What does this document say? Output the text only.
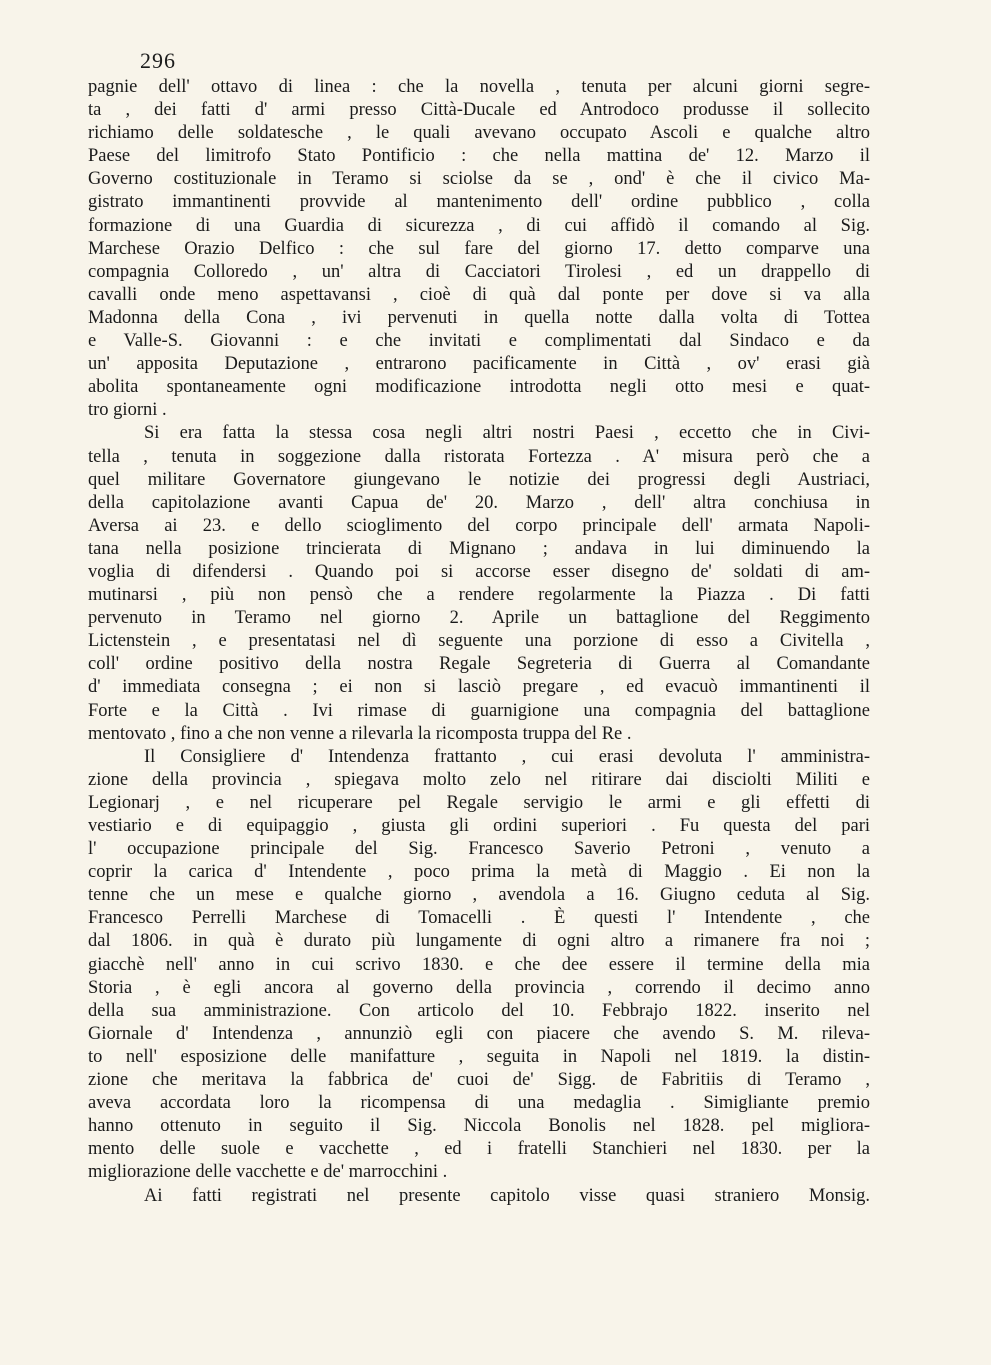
296
pagnie dell' ottavo di linea : che la novella , tenuta per alcuni giorni segre-
ta , dei fatti d' armi presso Città-Ducale ed Antrodoco produsse il sollecito
richiamo delle soldatesche , le quali avevano occupato Ascoli e qualche altro
Paese del limitrofo Stato Pontificio : che nella mattina de' 12. Marzo il
Governo costituzionale in Teramo si sciolse da se , ond' è che il civico Ma-
gistrato immantinenti provvide al mantenimento dell' ordine pubblico , colla
formazione di una Guardia di sicurezza , di cui affidò il comando al Sig.
Marchese Orazio Delfico : che sul fare del giorno 17. detto comparve una
compagnia Colloredo , un' altra di Cacciatori Tirolesi , ed un drappello di
cavalli onde meno aspettavansi , cioè di quà dal ponte per dove si va alla
Madonna della Cona , ivi pervenuti in quella notte dalla volta di Tottea
e Valle-S. Giovanni : e che invitati e complimentati dal Sindaco e da
un' apposita Deputazione , entrarono pacificamente in Città , ov' erasi già
abolita spontaneamente ogni modificazione introdotta negli otto mesi e quat-
tro giorni .
Si era fatta la stessa cosa negli altri nostri Paesi , eccetto che in Civi-
tella , tenuta in soggezione dalla ristorata Fortezza . A' misura però che a
quel militare Governatore giungevano le notizie dei progressi degli Austriaci,
della capitolazione avanti Capua de' 20. Marzo , dell' altra conchiusa in
Aversa ai 23. e dello scioglimento del corpo principale dell' armata Napoli-
tana nella posizione trincierata di Mignano ; andava in lui diminuendo la
voglia di difendersi . Quando poi si accorse esser disegno de' soldati di am-
mutinarsi , più non pensò che a rendere regolarmente la Piazza . Di fatti
pervenuto in Teramo nel giorno 2. Aprile un battaglione del Reggimento
Lictenstein , e presentatasi nel dì seguente una porzione di esso a Civitella ,
coll' ordine positivo della nostra Regale Segreteria di Guerra al Comandante
d' immediata consegna ; ei non si lasciò pregare , ed evacuò immantinenti il
Forte e la Città . Ivi rimase di guarnigione una compagnia del battaglione
mentovato , fino a che non venne a rilevarla la ricomposta truppa del Re .
Il Consigliere d' Intendenza frattanto , cui erasi devoluta l' amministra-
zione della provincia , spiegava molto zelo nel ritirare dai disciolti Militi e
Legionarj , e nel ricuperare pel Regale servigio le armi e gli effetti di
vestiario e di equipaggio , giusta gli ordini superiori . Fu questa del pari
l' occupazione principale del Sig. Francesco Saverio Petroni , venuto a
coprir la carica d' Intendente , poco prima la metà di Maggio . Ei non la
tenne che un mese e qualche giorno , avendola a 16. Giugno ceduta al Sig.
Francesco Perrelli Marchese di Tomacelli . È questi l' Intendente , che
dal 1806. in quà è durato più lungamente di ogni altro a rimanere fra noi ;
giacchè nell' anno in cui scrivo 1830. e che dee essere il termine della mia
Storia , è egli ancora al governo della provincia , correndo il decimo anno
della sua amministrazione. Con articolo del 10. Febbrajo 1822. inserito nel
Giornale d' Intendenza , annunziò egli con piacere che avendo S. M. rileva-
to nell' esposizione delle manifatture , seguita in Napoli nel 1819. la distin-
zione che meritava la fabbrica de' cuoi de' Sigg. de Fabritiis di Teramo ,
aveva accordata loro la ricompensa di una medaglia . Simigliante premio
hanno ottenuto in seguito il Sig. Niccola Bonolis nel 1828. pel migliora-
mento delle suole e vacchette , ed i fratelli Stanchieri nel 1830. per la
migliorazione delle vacchette e de' marrocchini .
Ai fatti registrati nel presente capitolo visse quasi straniero Monsig.
